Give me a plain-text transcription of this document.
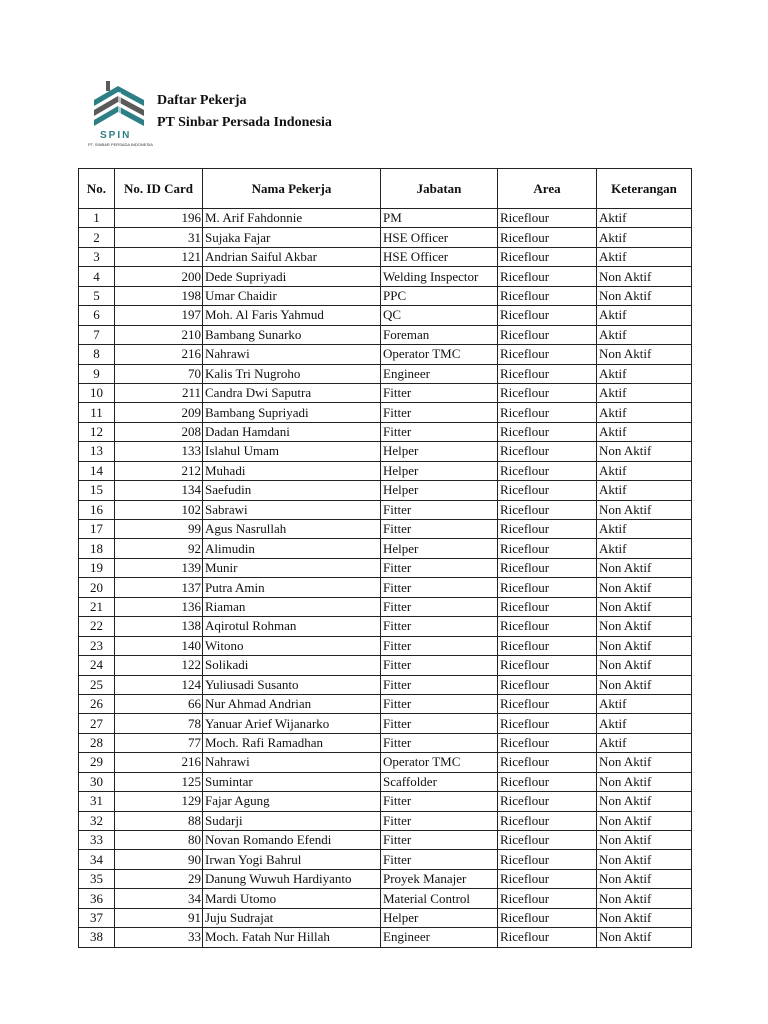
SPIN
PT. SINBAR PERSADA INDONESIA
Daftar Pekerja
PT Sinbar Persada Indonesia
No.	No. ID Card	Nama Pekerja	Jabatan	Area	Keterangan
1	196	M. Arif Fahdonnie	PM	Riceflour	Aktif
2	31	Sujaka Fajar	HSE Officer	Riceflour	Aktif
3	121	Andrian Saiful Akbar	HSE Officer	Riceflour	Aktif
4	200	Dede Supriyadi	Welding Inspector	Riceflour	Non Aktif
5	198	Umar Chaidir	PPC	Riceflour	Non Aktif
6	197	Moh. Al Faris Yahmud	QC	Riceflour	Aktif
7	210	Bambang Sunarko	Foreman	Riceflour	Aktif
8	216	Nahrawi	Operator TMC	Riceflour	Non Aktif
9	70	Kalis Tri Nugroho	Engineer	Riceflour	Aktif
10	211	Candra Dwi Saputra	Fitter	Riceflour	Aktif
11	209	Bambang Supriyadi	Fitter	Riceflour	Aktif
12	208	Dadan Hamdani	Fitter	Riceflour	Aktif
13	133	Islahul Umam	Helper	Riceflour	Non Aktif
14	212	Muhadi	Helper	Riceflour	Aktif
15	134	Saefudin	Helper	Riceflour	Aktif
16	102	Sabrawi	Fitter	Riceflour	Non Aktif
17	99	Agus Nasrullah	Fitter	Riceflour	Aktif
18	92	Alimudin	Helper	Riceflour	Aktif
19	139	Munir	Fitter	Riceflour	Non Aktif
20	137	Putra Amin	Fitter	Riceflour	Non Aktif
21	136	Riaman	Fitter	Riceflour	Non Aktif
22	138	Aqirotul Rohman	Fitter	Riceflour	Non Aktif
23	140	Witono	Fitter	Riceflour	Non Aktif
24	122	Solikadi	Fitter	Riceflour	Non Aktif
25	124	Yuliusadi Susanto	Fitter	Riceflour	Non Aktif
26	66	Nur Ahmad Andrian	Fitter	Riceflour	Aktif
27	78	Yanuar Arief Wijanarko	Fitter	Riceflour	Aktif
28	77	Moch. Rafi Ramadhan	Fitter	Riceflour	Aktif
29	216	Nahrawi	Operator TMC	Riceflour	Non Aktif
30	125	Sumintar	Scaffolder	Riceflour	Non Aktif
31	129	Fajar Agung	Fitter	Riceflour	Non Aktif
32	88	Sudarji	Fitter	Riceflour	Non Aktif
33	80	Novan Romando Efendi	Fitter	Riceflour	Non Aktif
34	90	Irwan Yogi Bahrul	Fitter	Riceflour	Non Aktif
35	29	Danung Wuwuh Hardiyanto	Proyek Manajer	Riceflour	Non Aktif
36	34	Mardi Utomo	Material Control	Riceflour	Non Aktif
37	91	Juju Sudrajat	Helper	Riceflour	Non Aktif
38	33	Moch. Fatah Nur Hillah	Engineer	Riceflour	Non Aktif
